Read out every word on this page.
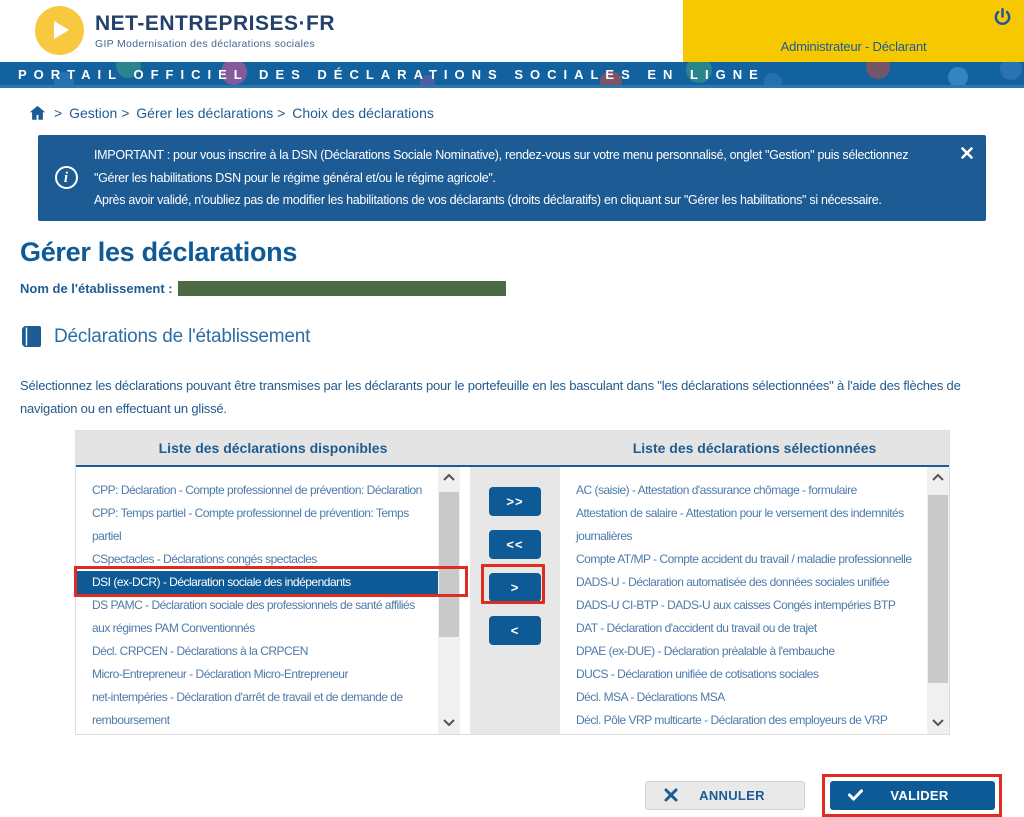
NET-ENTREPRISES·FR
GIP Modernisation des déclarations sociales	Administrateur - Déclarant
PORTAIL OFFICIEL DES DÉCLARATIONS SOCIALES EN LIGNE
> Gestion > Gérer les déclarations > Choix des déclarations
i
IMPORTANT : pour vous inscrire à la DSN (Déclarations Sociale Nominative), rendez-vous sur votre menu personnalisé, onglet "Gestion" puis sélectionnez
"Gérer les habilitations DSN pour le régime général et/ou le régime agricole".
Après avoir validé, n'oubliez pas de modifier les habilitations de vos déclarants (droits déclaratifs) en cliquant sur "Gérer les habilitations" si nécessaire.
Gérer les déclarations
Nom de l'établissement :
Déclarations de l'établissement
Sélectionnez les déclarations pouvant être transmises par les déclarants pour le portefeuille en les basculant dans "les déclarations sélectionnées" à l'aide des flèches de
navigation ou en effectuant un glissé.
Liste des déclarations disponibles	Liste des déclarations sélectionnées
CPP: Déclaration - Compte professionnel de prévention: Déclaration
CPP: Temps partiel - Compte professionnel de prévention: Temps partiel
CSpectacles - Déclarations congés spectacles
DSI (ex-DCR) - Déclaration sociale des indépendants
DS PAMC - Déclaration sociale des professionnels de santé affiliés aux régimes PAM Conventionnés
Décl. CRPCEN - Déclarations à la CRPCEN
Micro-Entrepreneur - Déclaration Micro-Entrepreneur
net-intempéries - Déclaration d'arrêt de travail et de demande de remboursement
>>
<<
>
<
AC (saisie) - Attestation d'assurance chômage - formulaire
Attestation de salaire - Attestation pour le versement des indemnités journalières
Compte AT/MP - Compte accident du travail / maladie professionnelle
DADS-U - Déclaration automatisée des données sociales unifiée
DADS-U CI-BTP - DADS-U aux caisses Congés intempéries BTP
DAT - Déclaration d'accident du travail ou de trajet
DPAE (ex-DUE) - Déclaration préalable à l'embauche
DUCS - Déclaration unifiée de cotisations sociales
Décl. MSA - Déclarations MSA
Décl. Pôle VRP multicarte - Déclaration des employeurs de VRP
ANNULER	VALIDER
